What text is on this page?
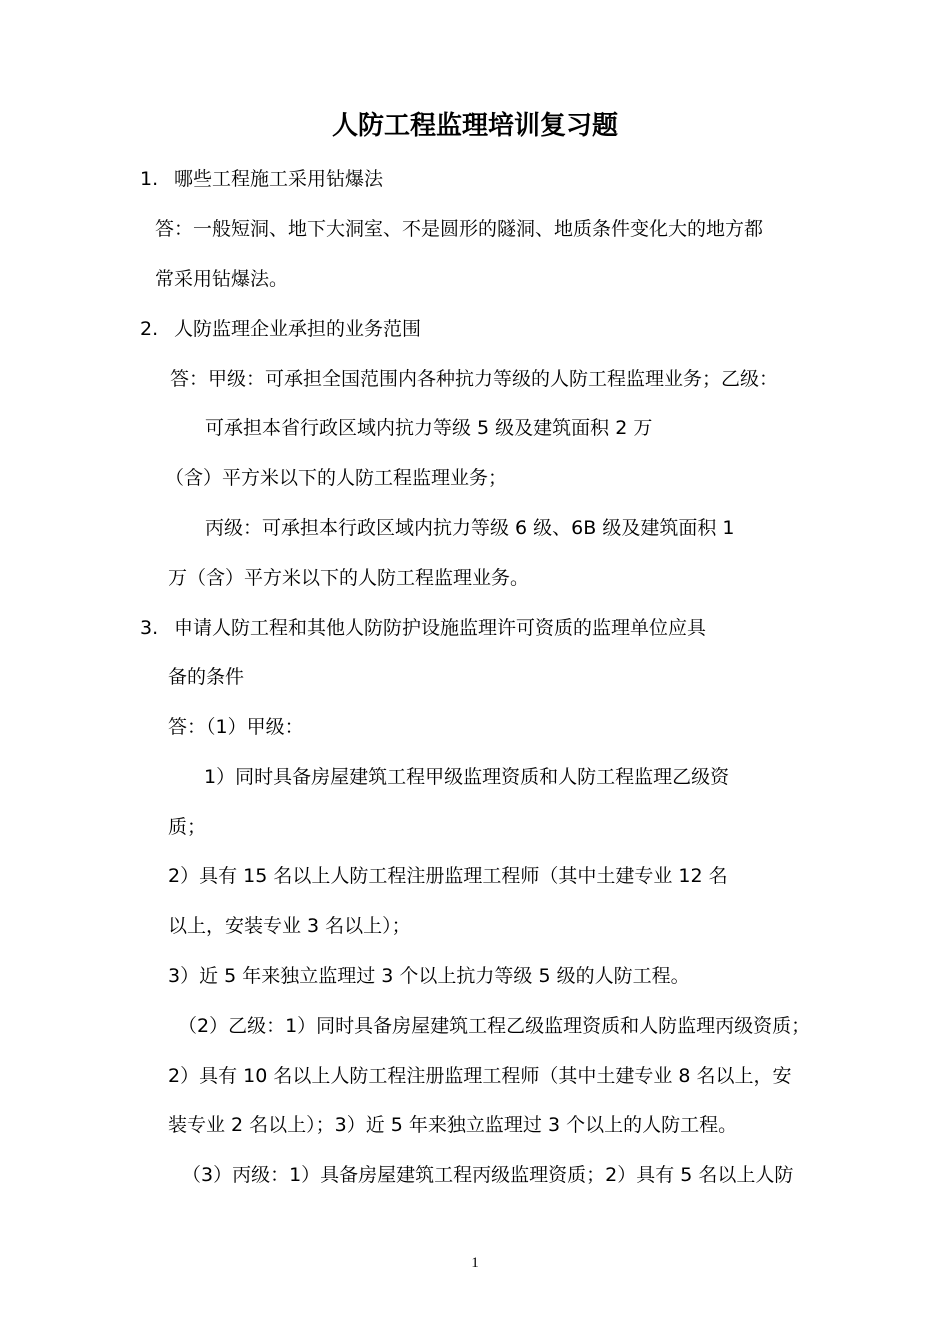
人防工程监理培训复习题
1. 哪些工程施工采用钻爆法
答：一般短洞、地下大洞室、不是圆形的隧洞、地质条件变化大的地方都
常采用钻爆法。
2. 人防监理企业承担的业务范围
答：甲级：可承担全国范围内各种抗力等级的人防工程监理业务；乙级：
可承担本省行政区域内抗力等级 5 级及建筑面积 2 万
（含）平方米以下的人防工程监理业务；
丙级：可承担本行政区域内抗力等级 6 级、6B 级及建筑面积 1
万（含）平方米以下的人防工程监理业务。
3. 申请人防工程和其他人防防护设施监理许可资质的监理单位应具
备的条件
答：（1）甲级：
1）同时具备房屋建筑工程甲级监理资质和人防工程监理乙级资
质；
2）具有 15 名以上人防工程注册监理工程师（其中土建专业 12 名
以上，安装专业 3 名以上）；
3）近 5 年来独立监理过 3 个以上抗力等级 5 级的人防工程。
（2）乙级：1）同时具备房屋建筑工程乙级监理资质和人防监理丙级资质；
2）具有 10 名以上人防工程注册监理工程师（其中土建专业 8 名以上，安
装专业 2 名以上）；3）近 5 年来独立监理过 3 个以上的人防工程。
（3）丙级：1）具备房屋建筑工程丙级监理资质；2）具有 5 名以上人防
1
